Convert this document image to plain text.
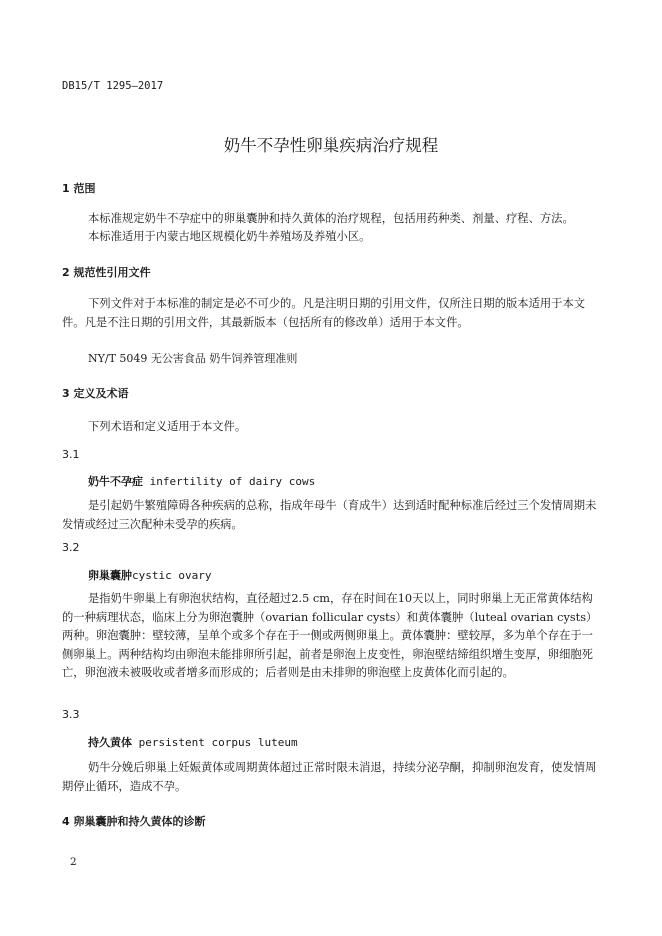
DB15/T 1295—2017
奶牛不孕性卵巢疾病治疗规程
1 范围
本标准规定奶牛不孕症中的卵巢囊肿和持久黄体的治疗规程，包括用药种类、剂量、疗程、方法。
本标准适用于内蒙古地区规模化奶牛养殖场及养殖小区。
2 规范性引用文件
下列文件对于本标准的制定是必不可少的。凡是注明日期的引用文件，仅所注日期的版本适用于本文件。凡是不注日期的引用文件，其最新版本（包括所有的修改单）适用于本文件。
NY/T 5049 无公害食品 奶牛饲养管理准则
3 定义及术语
下列术语和定义适用于本文件。
3.1
奶牛不孕症 infertility of dairy cows
是引起奶牛繁殖障碍各种疾病的总称，指成年母牛（育成牛）达到适时配种标准后经过三个发情周期未发情或经过三次配种未受孕的疾病。
3.2
卵巢囊肿cystic ovary
是指奶牛卵巢上有卵泡状结构，直径超过2.5 cm，存在时间在10天以上，同时卵巢上无正常黄体结构的一种病理状态，临床上分为卵泡囊肿（ovarian follicular cysts）和黄体囊肿（luteal ovarian cysts）两种。卵泡囊肿：壁较薄，呈单个或多个存在于一侧或两侧卵巢上。黄体囊肿：壁较厚，多为单个存在于一侧卵巢上。两种结构均由卵泡未能排卵所引起，前者是卵泡上皮变性，卵泡壁结缔组织增生变厚，卵细胞死亡，卵泡液未被吸收或者增多而形成的；后者则是由未排卵的卵泡壁上皮黄体化而引起的。
3.3
持久黄体 persistent corpus luteum
奶牛分娩后卵巢上妊娠黄体或周期黄体超过正常时限未消退，持续分泌孕酮，抑制卵泡发育，使发情周期停止循环，造成不孕。
4 卵巢囊肿和持久黄体的诊断
2
